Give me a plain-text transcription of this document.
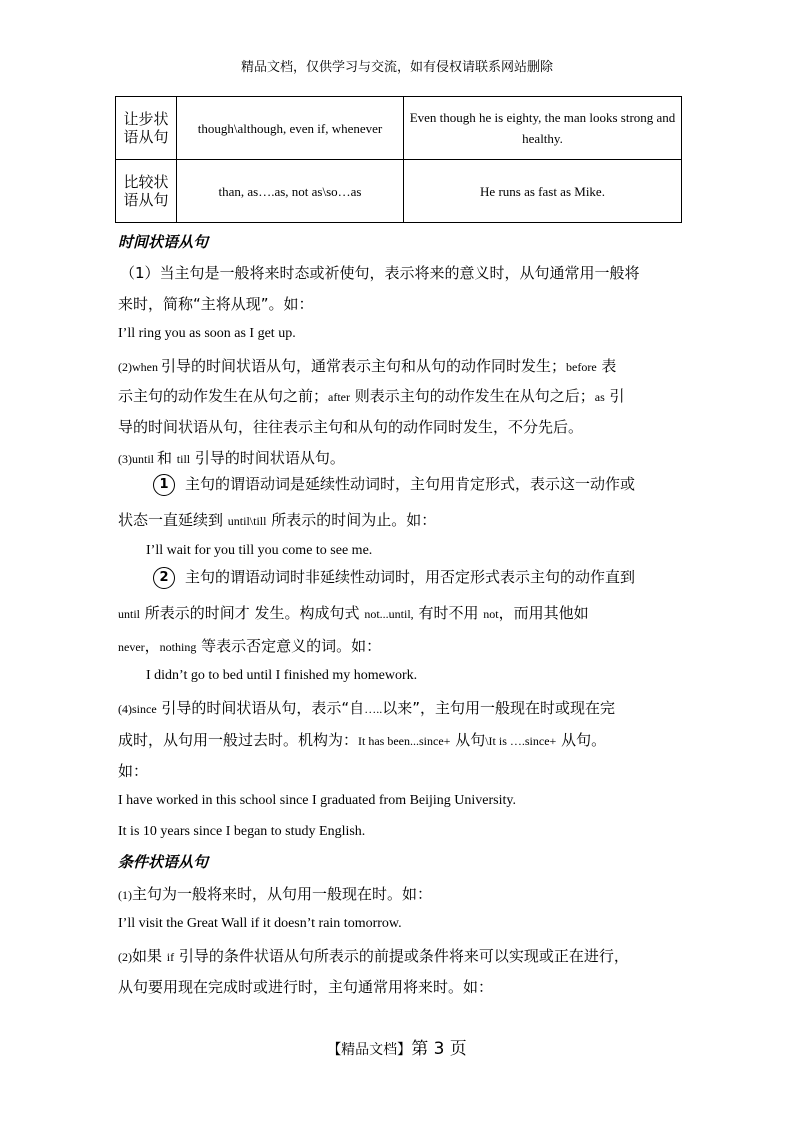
精品文档，仅供学习与交流，如有侵权请联系网站删除
让步状语从句	though\although, even if, whenever	Even though he is eighty, the man looks strong and healthy.
比较状语从句	than, as….as, not as\so…as	He runs as fast as Mike.
时间状语从句
（1）当主句是一般将来时态或祈使句，表示将来的意义时，从句通常用一般将
来时，简称“主将从现”。如：
I’ll ring you as soon as I get up.
(2)when 引导的时间状语从句，通常表示主句和从句的动作同时发生；before 表
示主句的动作发生在从句之前；after 则表示主句的动作发生在从句之后；as 引
导的时间状语从句，往往表示主句和从句的动作同时发生，不分先后。
(3)until 和 till 引导的时间状语从句。
1 主句的谓语动词是延续性动词时，主句用肯定形式，表示这一动作或
状态一直延续到 until\till 所表示的时间为止。如：
I’ll wait for you till you come to see me.
2 主句的谓语动词时非延续性动词时，用否定形式表示主句的动作直到
until 所表示的时间才 发生。构成句式 not...until, 有时不用 not，而用其他如
never，nothing 等表示否定意义的词。如：
I didn’t go to bed until I finished my homework.
(4)since 引导的时间状语从句，表示“自…..以来”，主句用一般现在时或现在完
成时，从句用一般过去时。机构为：It has been...since+ 从句\It is ….since+ 从句。
如：
I have worked in this school since I graduated from Beijing University.
It is 10 years since I began to study English.
条件状语从句
(1)主句为一般将来时，从句用一般现在时。如：
I’ll visit the Great Wall if it doesn’t rain tomorrow.
(2)如果 if 引导的条件状语从句所表示的前提或条件将来可以实现或正在进行，
从句要用现在完成时或进行时，主句通常用将来时。如：
【精品文档】第 3 页
